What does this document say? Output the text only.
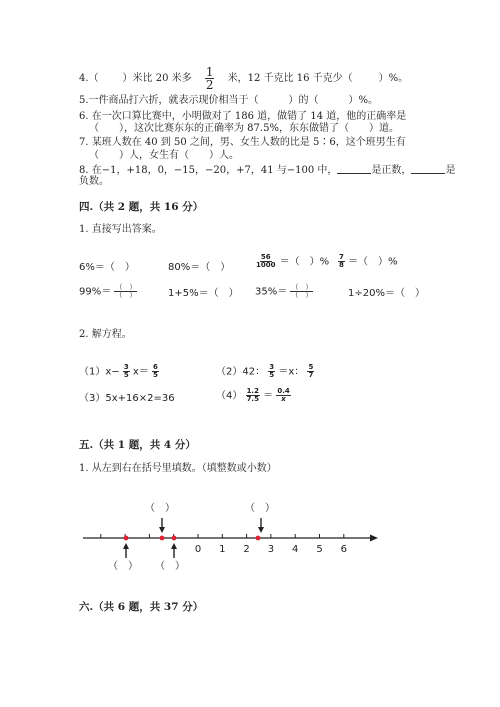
4.（ ）米比 20 米多 $\frac{1}{2}$ 米，12 千克比 16 千克少（	）%。
5.一件商品打六折，就表示现价相当于（　　　）的（　　　）%。
6. 在一次口算比赛中，小明做对了 186 道，做错了 14 道，他的正确率是
（　　），这次比赛东东的正确率为 87.5%，东东做错了（　　）道。
7. 某班人数在 40 到 50 之间，男、女生人数的比是 5∶6，这个班男生有
（　　）人，女生有（　　）人。
8. 在−1，+18，0，−15，−20，+7，41 与−100 中，	是正数，	是
负数。
四.（共 2 题，共 16 分）
1. 直接写出答案。
6%＝（　）	80%＝（　）	$\frac{56}{1000}$ ＝（　）% $\frac{7}{8}$ ＝（　）%
$99\%= \frac{( )}{( )}$	1+5%＝（　） $35\%= \frac{( )}{( )}$	1÷20%＝（　）
2. 解方程。
$(1)x- \frac{3}{5} x= \frac{6}{5}$	（2）42： $\frac{3}{5} =x$： $\frac{5}{7}$
（3）5x+16×2=36	$(4) \frac{1.2}{7.5} = \frac{0.4}{x}$
五.（共 1 题，共 4 分）
1. 从左到右在括号里填数。（填整数或小数）
0 1 2 3 4 5 6
（　）	（　）
（　） （　）
六.（共 6 题，共 37 分）
